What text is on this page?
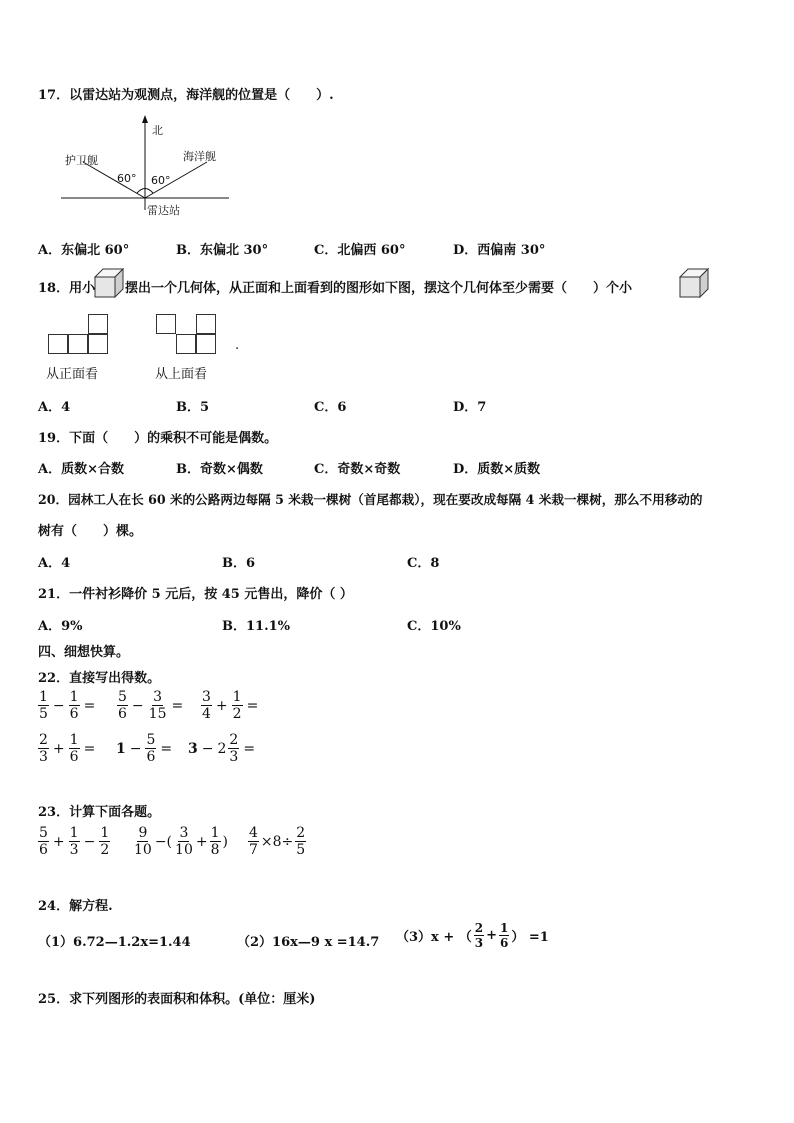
17．以雷达站为观测点，海洋舰的位置是（　　）.
北
护卫舰	海洋舰
60° 60°
雷达站
A．东偏北 60°	B．东偏北 30°	C．北偏西 60°	D．西偏南 30°
18．用小 摆出一个几何体，从正面和上面看到的图形如下图，摆这个几何体至少需要（　　）个小
从正面看	从上面看
.
A．4	B．5	C．6	D．7
19．下面（　　）的乘积不可能是偶数。
A．质数×合数	B．奇数×偶数	C．奇数×奇数	D．质数×质数
20．园林工人在长 60 米的公路两边每隔 5 米栽一棵树（首尾都栽），现在要改成每隔 4 米栽一棵树，那么不用移动的
树有（　　）棵。
A．4	B．6	C．8
21．一件衬衫降价 5 元后，按 45 元售出，降价（ ）
A．9%	B．11.1%	C．10%
四、细想快算。
22．直接写出得数。
$\frac{1}{5} - \frac{1}{6} = \frac{5}{6} - \frac{3}{15} = \frac{3}{4} + \frac{1}{2}$ =
$\frac{2}{3} + \frac{1}{6} = 1 - \frac{5}{6} = 3 - 2 \frac{2}{3}$ =
23．计算下面各题。
$\frac{5}{6} + \frac{1}{3} - \frac{1}{2} \frac{9}{10}$ −( $\frac{3}{10} + \frac{1}{8}$ ) $\frac{4}{7} \times 8\div \frac{2}{5}$
24．解方程.
（1）6.72—1.2x=1.44	（2）16x—9 x =14.7 （3）x + （ $\frac{2}{3} + \frac{1}{6}$ ） =1
25．求下列图形的表面积和体积。(单位：厘米)
